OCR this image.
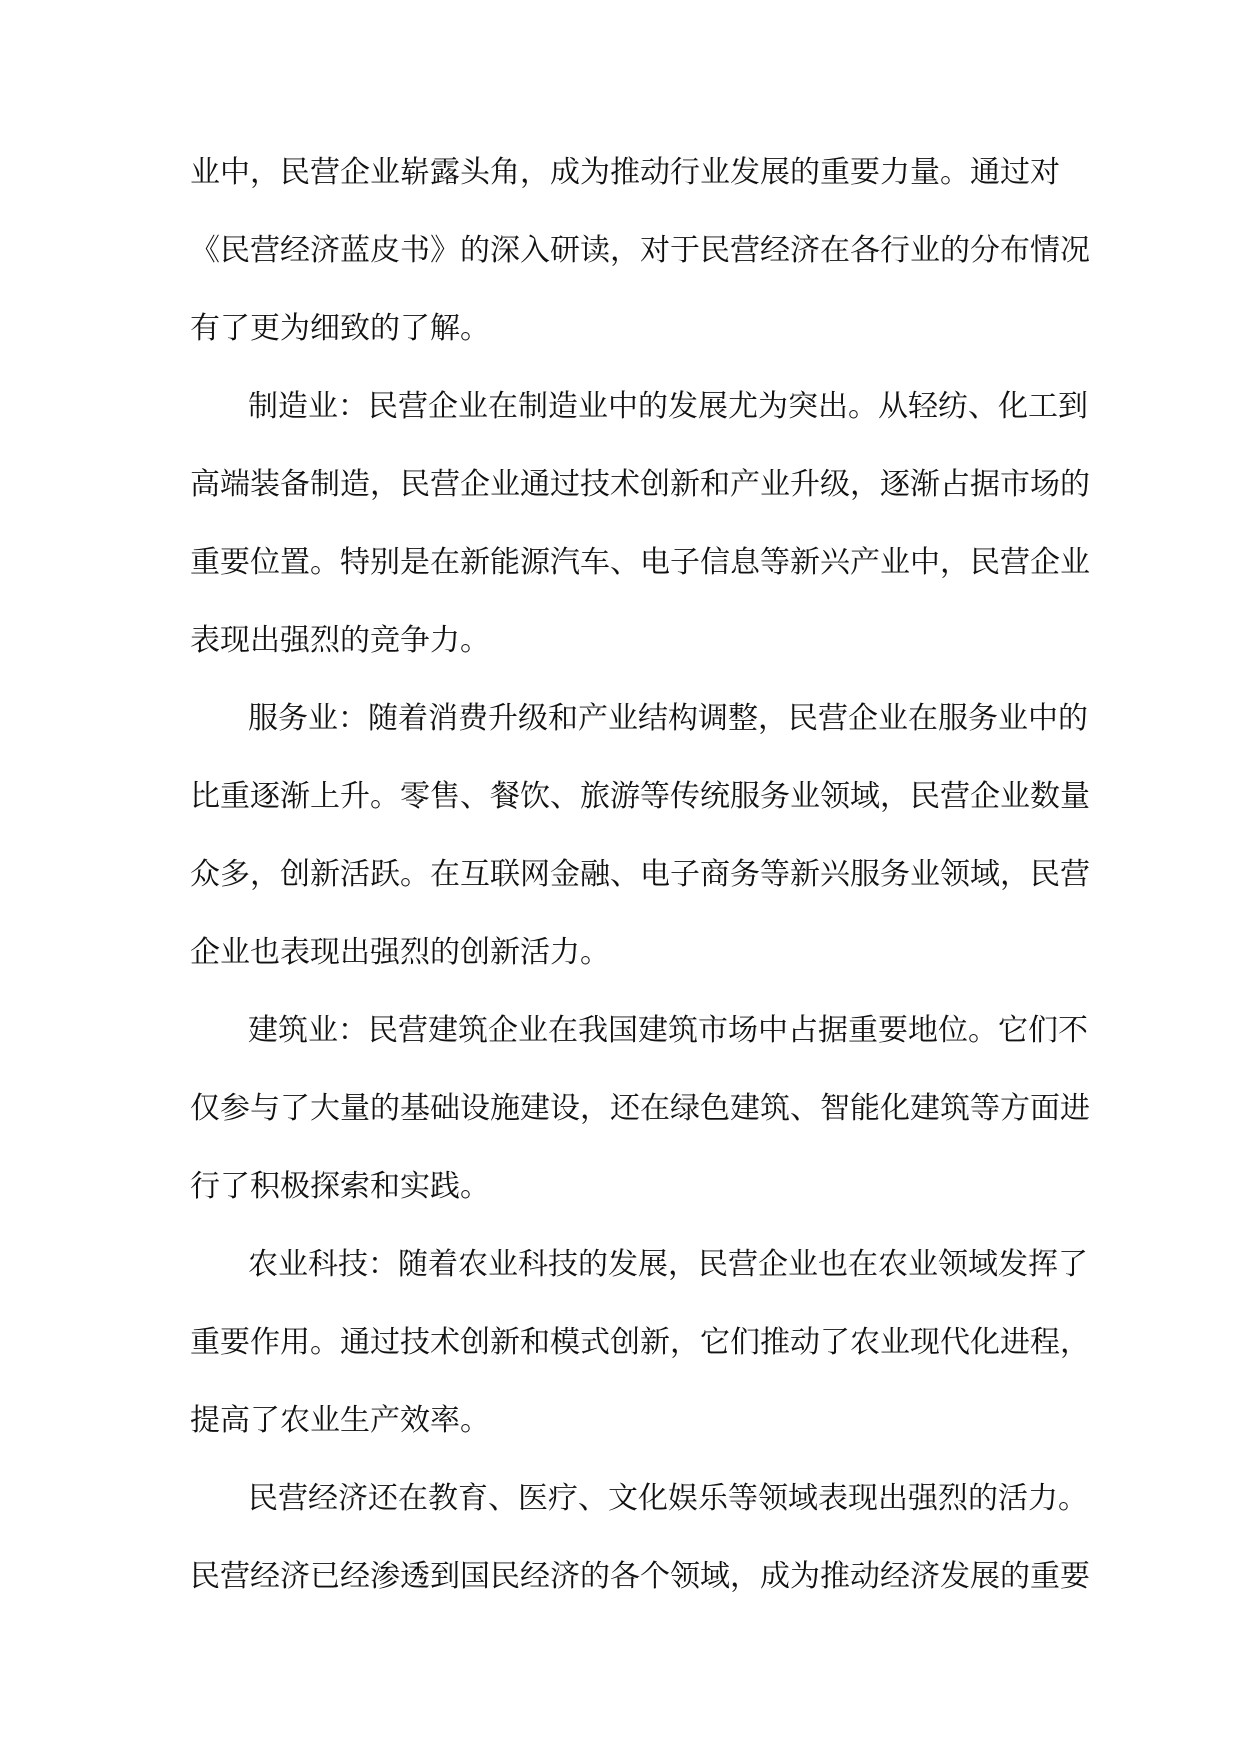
业中，民营企业崭露头角，成为推动行业发展的重要力量。通过对
《民营经济蓝皮书》的深入研读，对于民营经济在各行业的分布情况
有了更为细致的了解。

制造业：民营企业在制造业中的发展尤为突出。从轻纺、化工到
高端装备制造，民营企业通过技术创新和产业升级，逐渐占据市场的
重要位置。特别是在新能源汽车、电子信息等新兴产业中，民营企业
表现出强烈的竞争力。

服务业：随着消费升级和产业结构调整，民营企业在服务业中的
比重逐渐上升。零售、餐饮、旅游等传统服务业领域，民营企业数量
众多，创新活跃。在互联网金融、电子商务等新兴服务业领域，民营
企业也表现出强烈的创新活力。

建筑业：民营建筑企业在我国建筑市场中占据重要地位。它们不
仅参与了大量的基础设施建设，还在绿色建筑、智能化建筑等方面进
行了积极探索和实践。

农业科技：随着农业科技的发展，民营企业也在农业领域发挥了
重要作用。通过技术创新和模式创新，它们推动了农业现代化进程，
提高了农业生产效率。

民营经济还在教育、医疗、文化娱乐等领域表现出强烈的活力。
民营经济已经渗透到国民经济的各个领域，成为推动经济发展的重要
